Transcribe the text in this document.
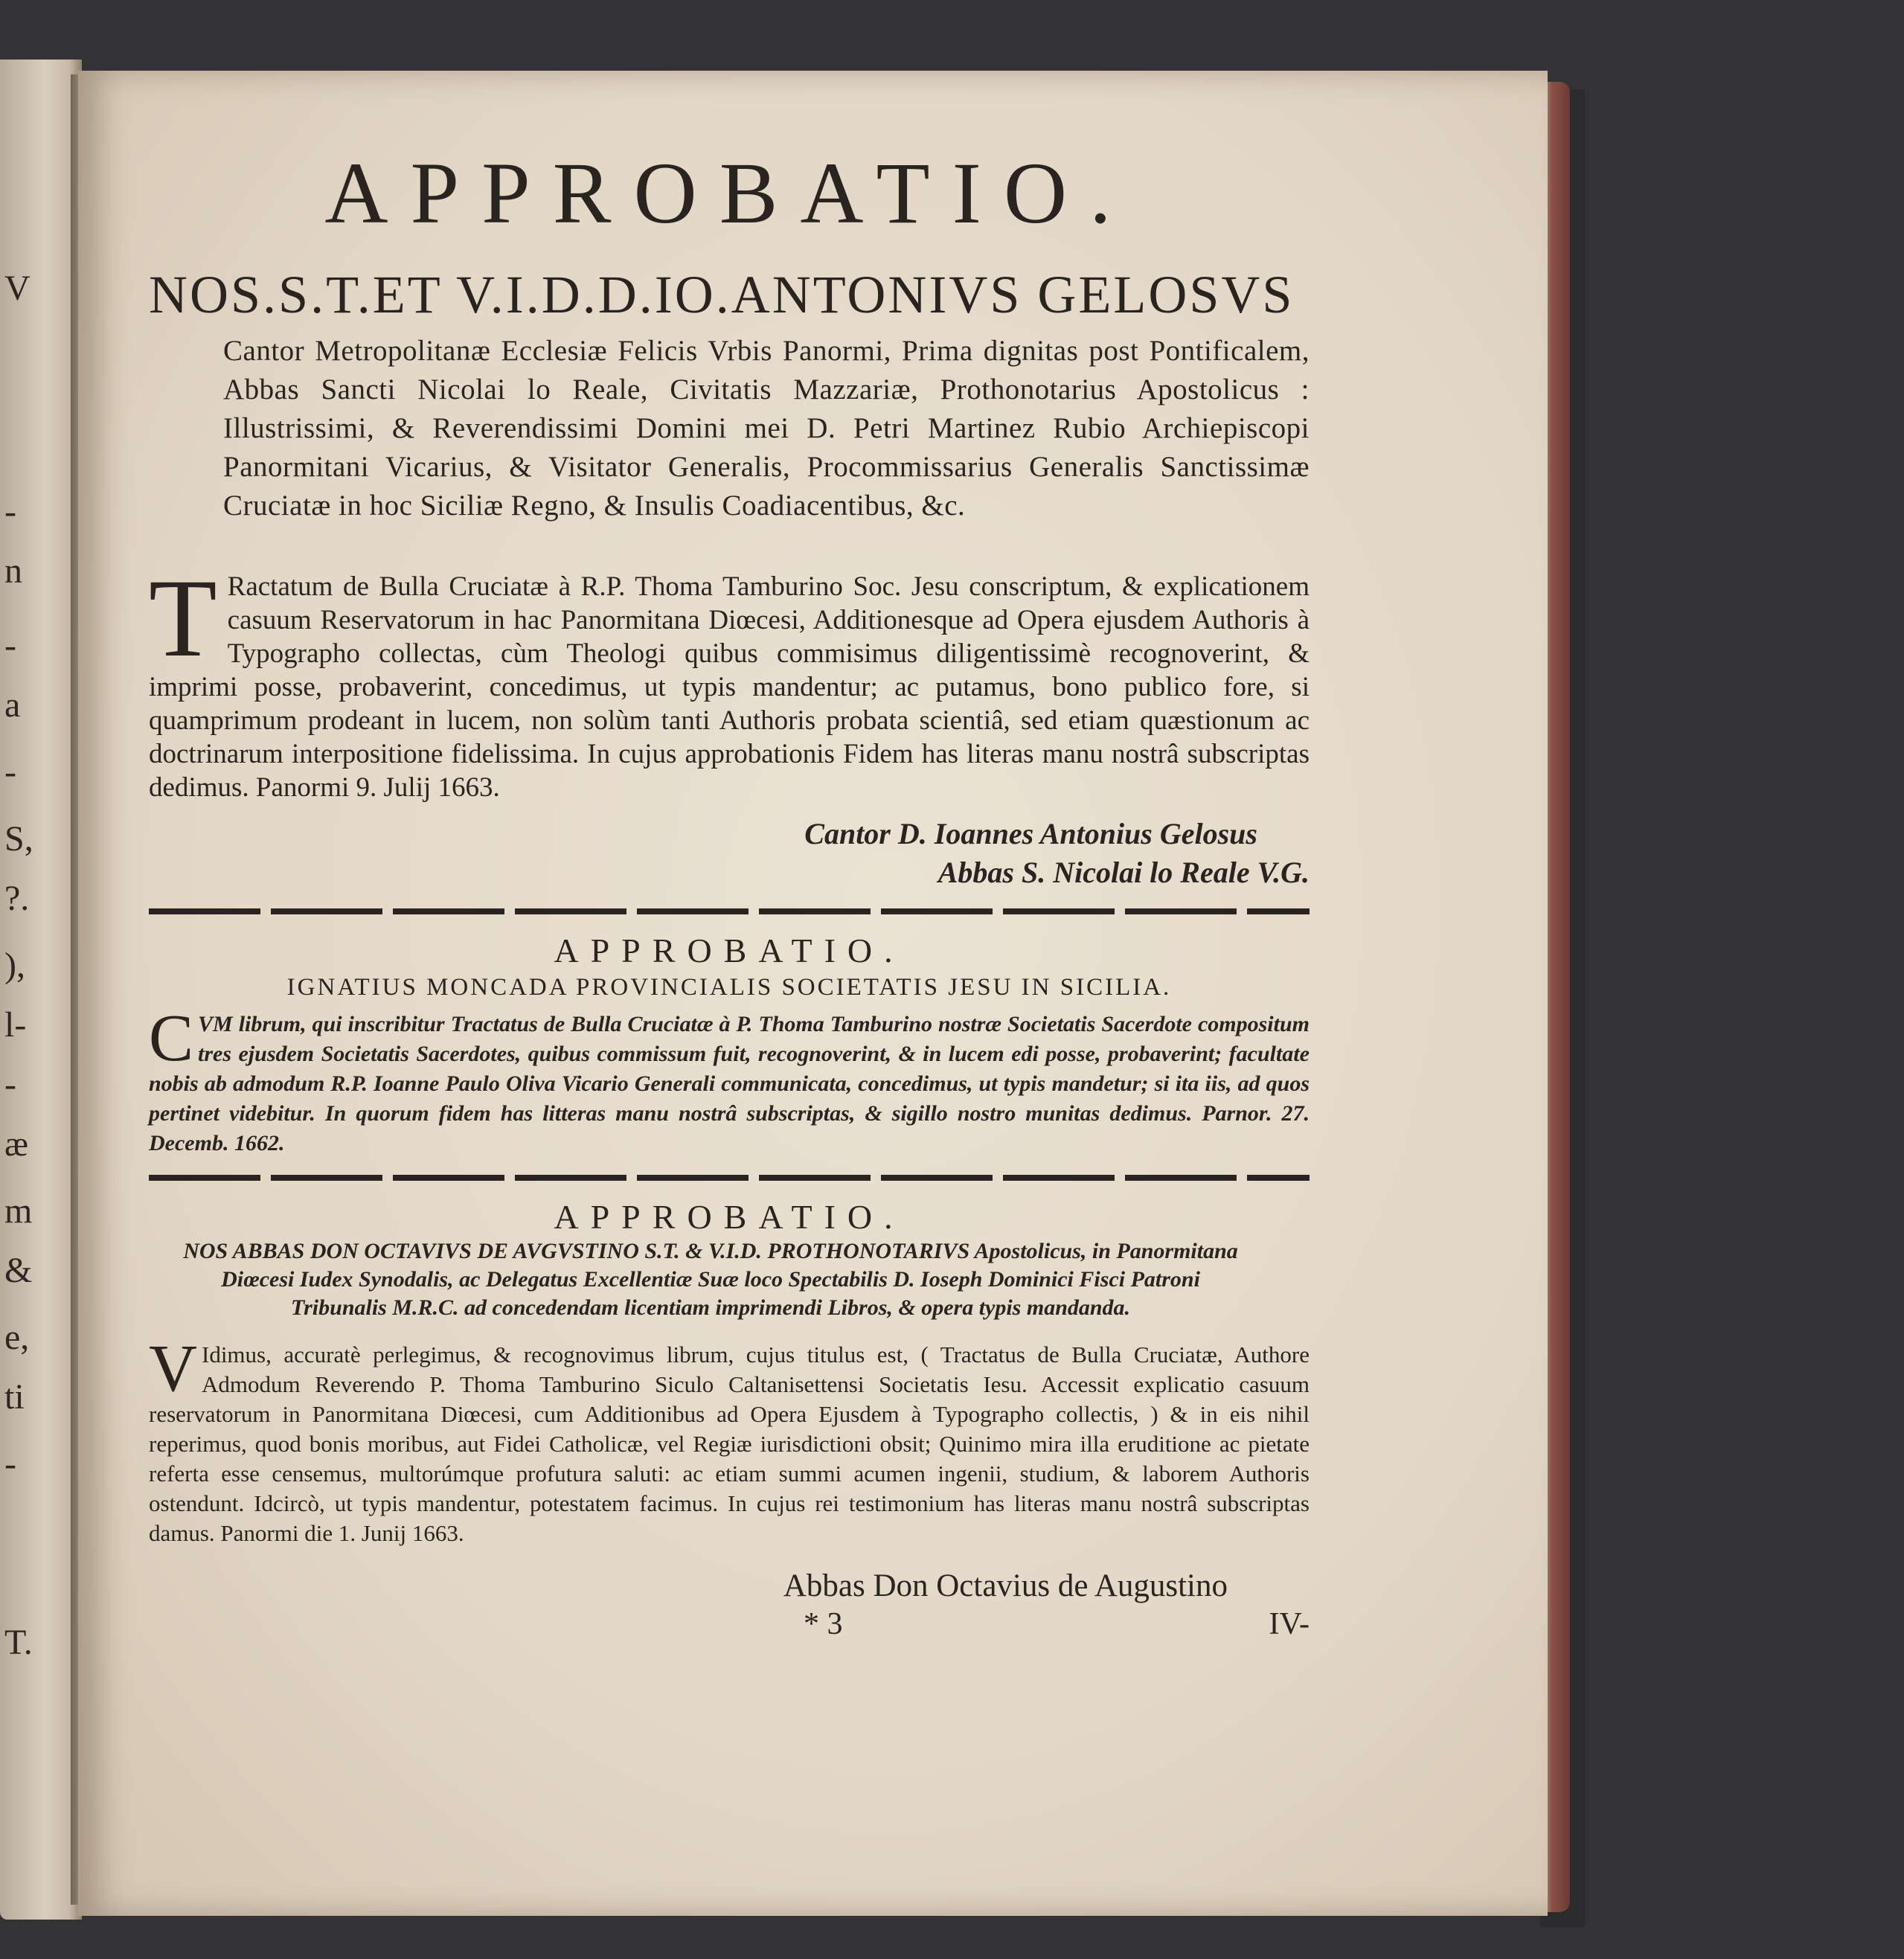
V
-
n
-
a
-
S,
?.
),
l-
-
æ
m
&
e,
ti
-
T.
APPROBATIO.
NOS.S.T.ET V.I.D.D.IO.ANTONIVS GELOSVS
Cantor Metropolitanæ Ecclesiæ Felicis Vrbis Panormi, Prima dignitas post Pontificalem, Abbas Sancti Nicolai lo Reale, Civitatis Mazzariæ, Prothonotarius Apostolicus : Illustrissimi, & Reverendissimi Domini mei D. Petri Martinez Rubio Archiepiscopi Panormitani Vicarius, & Visitator Generalis, Procommissarius Generalis Sanctissimæ Cruciatæ in hoc Siciliæ Regno, & Insulis Coadiacentibus, &c.
T Ractatum de Bulla Cruciatæ à R.P. Thoma Tamburino Soc. Jesu conscriptum, & explicationem casuum Reservatorum in hac Panormitana Diœcesi, Additionesque ad Opera ejusdem Authoris à Typographo collectas, cùm Theologi quibus commisimus diligentissimè recognoverint, & imprimi posse, probaverint, concedimus, ut typis mandentur; ac putamus, bono publico fore, si quamprimum prodeant in lucem, non solùm tanti Authoris probata scientiâ, sed etiam quæstionum ac doctrinarum interpositione fidelissima. In cujus approbationis Fidem has literas manu nostrâ subscriptas dedimus. Panormi 9. Julij 1663.
Cantor D. Ioannes Antonius Gelosus
Abbas S. Nicolai lo Reale V.G.
APPROBATIO.
IGNATIUS MONCADA PROVINCIALIS SOCIETATIS JESU IN SICILIA.
C VM librum, qui inscribitur Tractatus de Bulla Cruciatæ à P. Thoma Tamburino nostræ Societatis Sacerdote compositum tres ejusdem Societatis Sacerdotes, quibus commissum fuit, recognoverint, & in lucem edi posse, probaverint; facultate nobis ab admodum R.P. Ioanne Paulo Oliva Vicario Generali communicata, concedimus, ut typis mandetur; si ita iis, ad quos pertinet videbitur. In quorum fidem has litteras manu nostrâ subscriptas, & sigillo nostro munitas dedimus. Parnor. 27. Decemb. 1662.
APPROBATIO.
NOS ABBAS DON OCTAVIVS DE AVGVSTINO S.T. & V.I.D. PROTHONOTARIVS Apostolicus, in Panormitana Diœcesi Iudex Synodalis, ac Delegatus Excellentiæ Suæ loco Spectabilis D. Ioseph Dominici Fisci Patroni Tribunalis M.R.C. ad concedendam licentiam imprimendi Libros, & opera typis mandanda.
V Idimus, accuratè perlegimus, & recognovimus librum, cujus titulus est, ( Tractatus de Bulla Cruciatæ, Authore Admodum Reverendo P. Thoma Tamburino Siculo Caltanisettensi Societatis Iesu. Accessit explicatio casuum reservatorum in Panormitana Diœcesi, cum Additionibus ad Opera Ejusdem à Typographo collectis, ) & in eis nihil reperimus, quod bonis moribus, aut Fidei Catholicæ, vel Regiæ iurisdictioni obsit; Quinimo mira illa eruditione ac pietate referta esse censemus, multorúmque profutura saluti: ac etiam summi acumen ingenii, studium, & laborem Authoris ostendunt. Idcircò, ut typis mandentur, potestatem facimus. In cujus rei testimonium has literas manu nostrâ subscriptas damus. Panormi die 1. Junij 1663.
Abbas Don Octavius de Augustino
* 3	IV-
